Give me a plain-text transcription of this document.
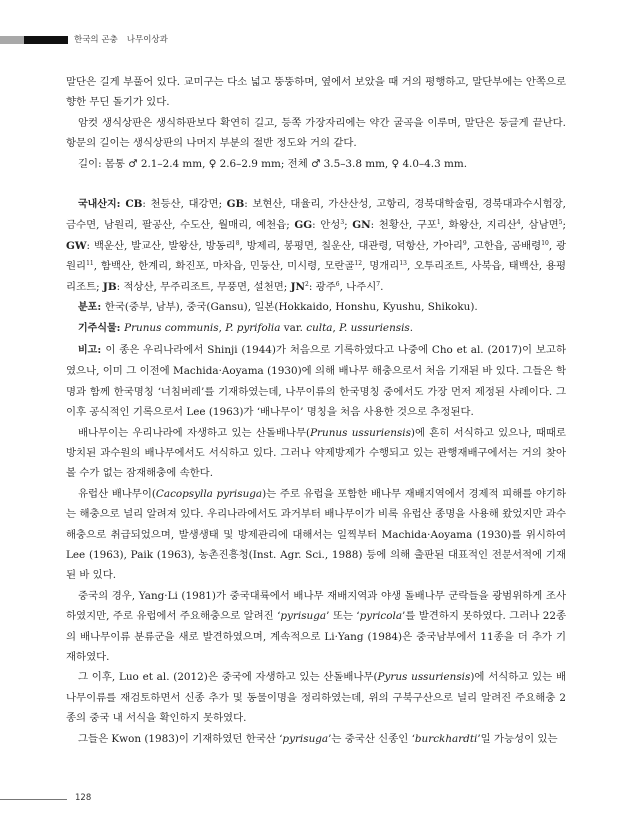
한국의 곤충 나무이상과

말단은 길게 부풀어 있다. 교미구는 다소 넓고 뚱뚱하며, 옆에서 보았을 때 거의 평행하고, 말단부에는 안쪽으로 향한 무딘 돌기가 있다.

암컷 생식상판은 생식하판보다 확연히 길고, 등쪽 가장자리에는 약간 굴곡을 이루며, 말단은 둥글게 끝난다. 항문의 길이는 생식상판의 나머지 부분의 절반 정도와 거의 같다.

길이: 몸통 ♂ 2.1–2.4 mm, ♀ 2.6–2.9 mm; 전체 ♂ 3.5–3.8 mm, ♀ 4.0–4.3 mm.

국내산지: CB: 천등산, 대강면; GB: 보현산, 대율리, 가산산성, 고항리, 경북대학술림, 경북대과수시험장, 금수면, 남원리, 팔공산, 수도산, 월매리, 예천읍; GG: 안성$^3$; GN: 천황산, 구포$^1$, 화왕산, 지리산$^4$, 삼남면$^5$; GW: 백운산, 발교산, 발왕산, 방동리$^8$, 방제리, 봉평면, 칠운산, 대관령, 덕항산, 가아리$^9$, 고한읍, 곰배령$^{10}$, 광원리$^{11}$, 함백산, 한계리, 화진포, 마차읍, 민둥산, 미시령, 모란골$^{12}$, 명개리$^{13}$, 오투리조트, 사북읍, 태백산, 용평리조트; JB: 적상산, 무주리조트, 무풍면, 설천면; $JN^2$: 광주$^6$, 나주시$^7$.

분포: 한국(중부, 남부), 중국(Gansu), 일본(Hokkaido, Honshu, Kyushu, Shikoku).

기주식물: Prunus communis, P. pyrifolia var. culta, P. ussuriensis.

비고: 이 종은 우리나라에서 Shinji (1944)가 처음으로 기록하였다고 나중에 Cho et al. (2017)이 보고하였으나, 이미 그 이전에 Machida·Aoyama (1930)에 의해 배나무 해충으로서 처음 기재된 바 있다. 그들은 학명과 함께 한국명칭 ‘너침버레’를 기재하였는데, 나무이류의 한국명칭 중에서도 가장 먼저 제정된 사례이다. 그 이후 공식적인 기록으로서 Lee (1963)가 ‘배나무이’ 명칭을 처음 사용한 것으로 추정된다.

배나무이는 우리나라에 자생하고 있는 산돌배나무(Prunus ussuriensis)에 흔히 서식하고 있으나, 때때로 방치된 과수원의 배나무에서도 서식하고 있다. 그러나 약제방제가 수행되고 있는 관행재배구에서는 거의 찾아볼 수가 없는 잠재해충에 속한다.

유럽산 배나무이(Cacopsylla pyrisuga)는 주로 유럽을 포함한 배나무 재배지역에서 경제적 피해를 야기하는 해충으로 널리 알려져 있다. 우리나라에서도 과거부터 배나무이가 비록 유럽산 종명을 사용해 왔었지만 과수해충으로 취급되었으며, 발생생태 및 방제관리에 대해서는 일찍부터 Machida·Aoyama (1930)를 위시하여 Lee (1963), Paik (1963), 농촌진흥청(Inst. Agr. Sci., 1988) 등에 의해 출판된 대표적인 전문서적에 기재된 바 있다.

중국의 경우, Yang·Li (1981)가 중국대륙에서 배나무 재배지역과 야생 돌배나무 군락들을 광범위하게 조사하였지만, 주로 유럽에서 주요해충으로 알려진 ‘pyrisuga’ 또는 ‘pyricola’를 발견하지 못하였다. 그러나 22종의 배나무이류 분류군을 새로 발견하였으며, 계속적으로 Li·Yang (1984)은 중국남부에서 11종을 더 추가 기재하였다.

그 이후, Luo et al. (2012)은 중국에 자생하고 있는 산돌배나무(Pyrus ussuriensis)에 서식하고 있는 배나무이류를 재검토하면서 신종 추가 및 동물이명을 정리하였는데, 위의 구북구산으로 널리 알려진 주요해충 2종의 중국 내 서식을 확인하지 못하였다.

그들은 Kwon (1983)이 기재하였던 한국산 ‘pyrisuga’는 중국산 신종인 ‘burckhardti’일 가능성이 있는

128
